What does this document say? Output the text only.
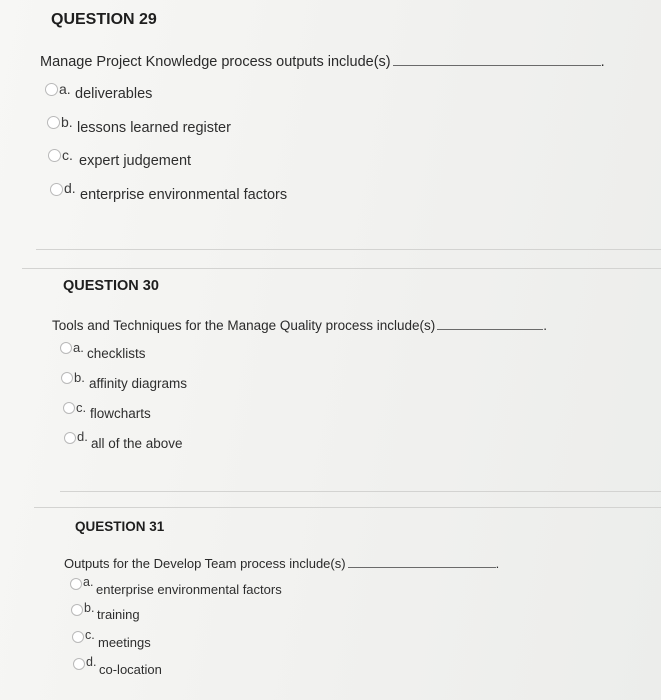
QUESTION 29
Manage Project Knowledge process outputs include(s)	.
a. deliverables
b. lessons learned register
c. expert judgement
d. enterprise environmental factors
QUESTION 30
Tools and Techniques for the Manage Quality process include(s)	.
a. checklists
b. affinity diagrams
c. flowcharts
d. all of the above
QUESTION 31
Outputs for the Develop Team process include(s)	.
a. enterprise environmental factors
b. training
c. meetings
d. co-location
